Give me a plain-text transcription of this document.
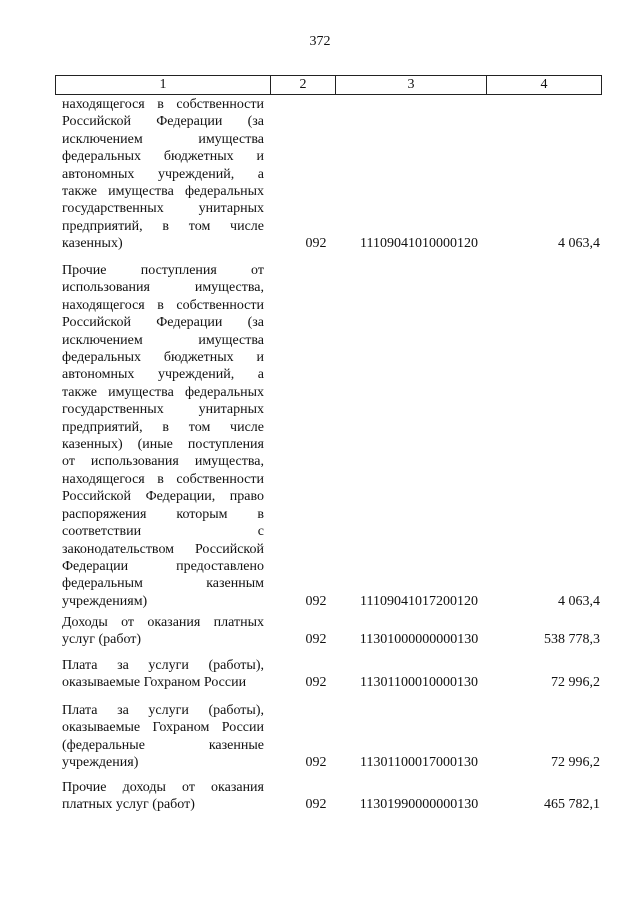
372
1	2	3	4
находящегося в собственности
Российской Федерации (за
исключением имущества
федеральных бюджетных и
автономных учреждений, а
также имущества федеральных
государственных унитарных
предприятий, в том числе
казенных)	092	11109041010000120	4 063,4
Прочие поступления от
использования имущества,
находящегося в собственности
Российской Федерации (за
исключением имущества
федеральных бюджетных и
автономных учреждений, а
также имущества федеральных
государственных унитарных
предприятий, в том числе
казенных) (иные поступления
от использования имущества,
находящегося в собственности
Российской Федерации, право
распоряжения которым в
соответствии с
законодательством Российской
Федерации предоставлено
федеральным казенным
учреждениям)	092	11109041017200120	4 063,4
Доходы от оказания платных
услуг (работ)	092	11301000000000130	538 778,3
Плата за услуги (работы),
оказываемые Гохраном России	092	11301100010000130	72 996,2
Плата за услуги (работы),
оказываемые Гохраном России
(федеральные казенные
учреждения)	092	11301100017000130	72 996,2
Прочие доходы от оказания
платных услуг (работ)	092	11301990000000130	465 782,1
